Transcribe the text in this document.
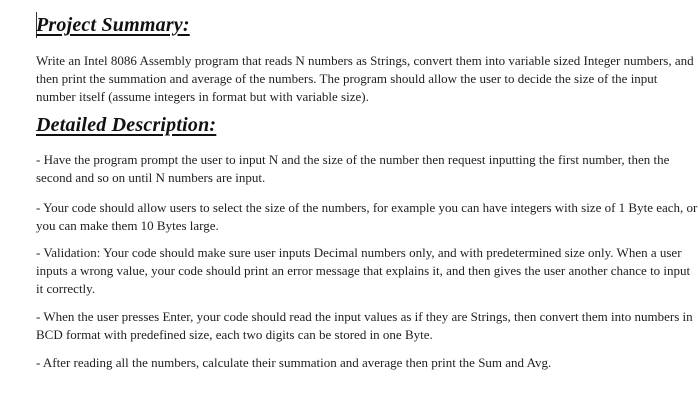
Project Summary:

Write an Intel 8086 Assembly program that reads N numbers as Strings, convert them into variable sized Integer numbers, and then print the summation and average of the numbers. The program should allow the user to decide the size of the input number itself (assume integers in format but with variable size).

Detailed Description:

- Have the program prompt the user to input N and the size of the number then request inputting the first number, then the second and so on until N numbers are input.

- Your code should allow users to select the size of the numbers, for example you can have integers with size of 1 Byte each, or you can make them 10 Bytes large.

- Validation: Your code should make sure user inputs Decimal numbers only, and with predetermined size only. When a user inputs a wrong value, your code should print an error message that explains it, and then gives the user another chance to input it correctly.

- When the user presses Enter, your code should read the input values as if they are Strings, then convert them into numbers in BCD format with predefined size, each two digits can be stored in one Byte.

- After reading all the numbers, calculate their summation and average then print the Sum and Avg.
